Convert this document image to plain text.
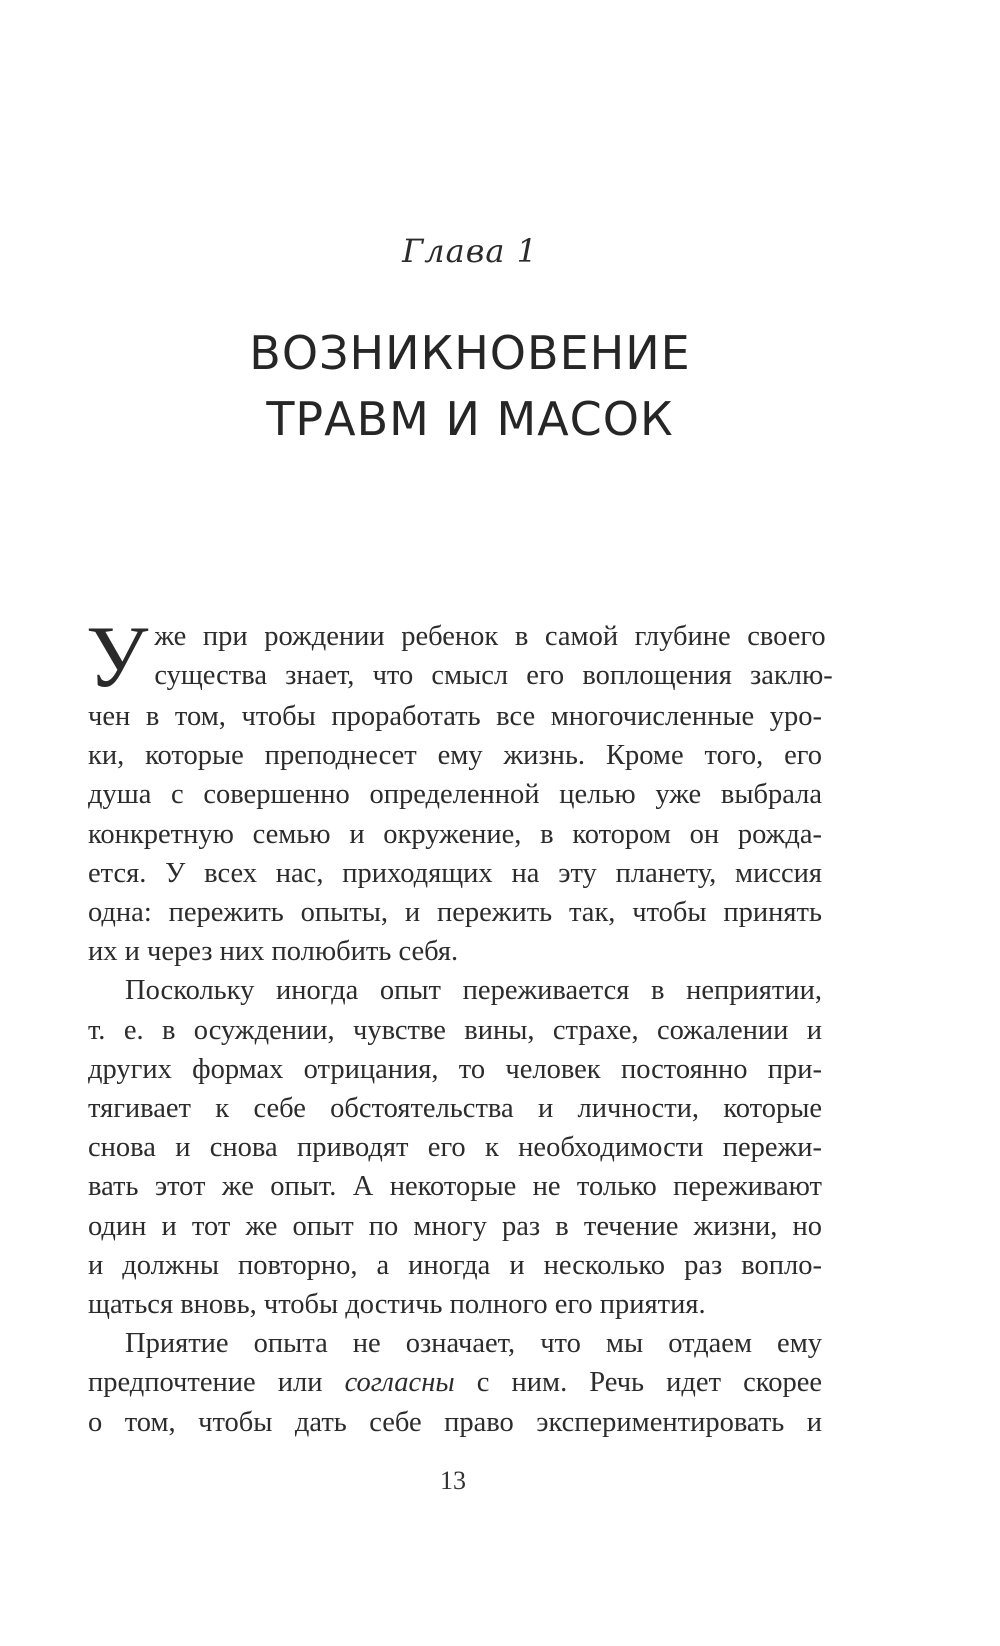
Глава 1
ВОЗНИКНОВЕНИЕ
ТРАВМ И МАСОК
У же при рождении ребенок в самой глубине своего
существа знает, что смысл его воплощения заклю-
чен в том, чтобы проработать все многочисленные уро-
ки, которые преподнесет ему жизнь. Кроме того, его
душа с совершенно определенной целью уже выбрала
конкретную семью и окружение, в котором он рожда-
ется. У всех нас, приходящих на эту планету, миссия
одна: пережить опыты, и пережить так, чтобы принять
их и через них полюбить себя.
Поскольку иногда опыт переживается в неприятии,
т. е. в осуждении, чувстве вины, страхе, сожалении и
других формах отрицания, то человек постоянно при-
тягивает к себе обстоятельства и личности, которые
снова и снова приводят его к необходимости пережи-
вать этот же опыт. А некоторые не только переживают
один и тот же опыт по многу раз в течение жизни, но
и должны повторно, а иногда и несколько раз вопло-
щаться вновь, чтобы достичь полного его приятия.
Приятие опыта не означает, что мы отдаем ему
предпочтение или согласны с ним. Речь идет скорее
о том, чтобы дать себе право экспериментировать и
13
